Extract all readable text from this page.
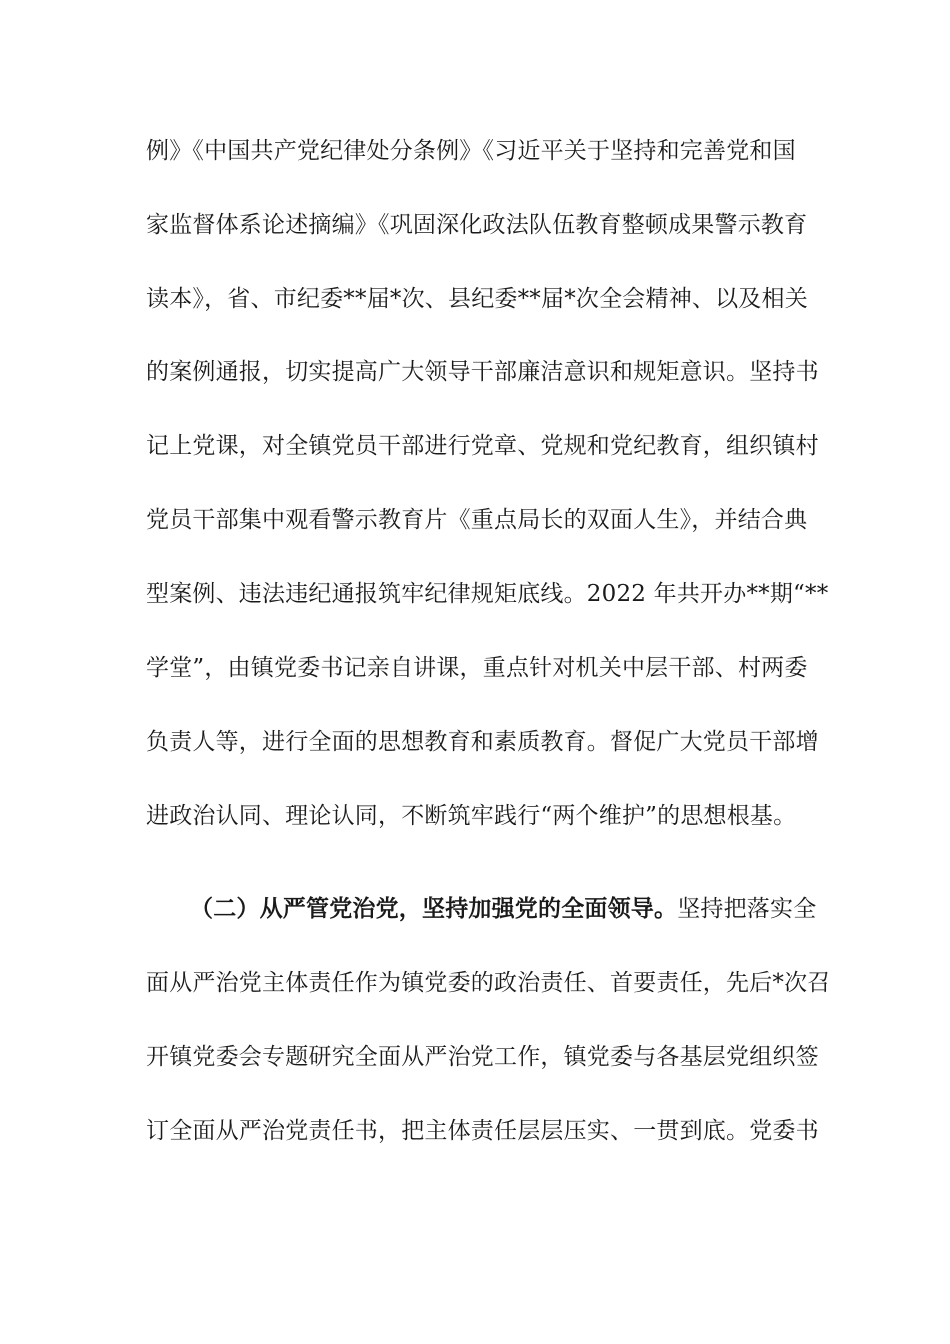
例》《中国共产党纪律处分条例》《习近平关于坚持和完善党和国
家监督体系论述摘编》《巩固深化政法队伍教育整顿成果警示教育
读本》，省、市纪委**届*次、县纪委**届*次全会精神、以及相关
的案例通报，切实提高广大领导干部廉洁意识和规矩意识。坚持书
记上党课，对全镇党员干部进行党章、党规和党纪教育，组织镇村
党员干部集中观看警示教育片《重点局长的双面人生》，并结合典
型案例、违法违纪通报筑牢纪律规矩底线。2022 年共开办**期“**
学堂”，由镇党委书记亲自讲课，重点针对机关中层干部、村两委
负责人等，进行全面的思想教育和素质教育。督促广大党员干部增
进政治认同、理论认同，不断筑牢践行“两个维护”的思想根基。
（二）从严管党治党，坚持加强党的全面领导。坚持把落实全
面从严治党主体责任作为镇党委的政治责任、首要责任，先后*次召
开镇党委会专题研究全面从严治党工作，镇党委与各基层党组织签
订全面从严治党责任书，把主体责任层层压实、一贯到底。党委书
